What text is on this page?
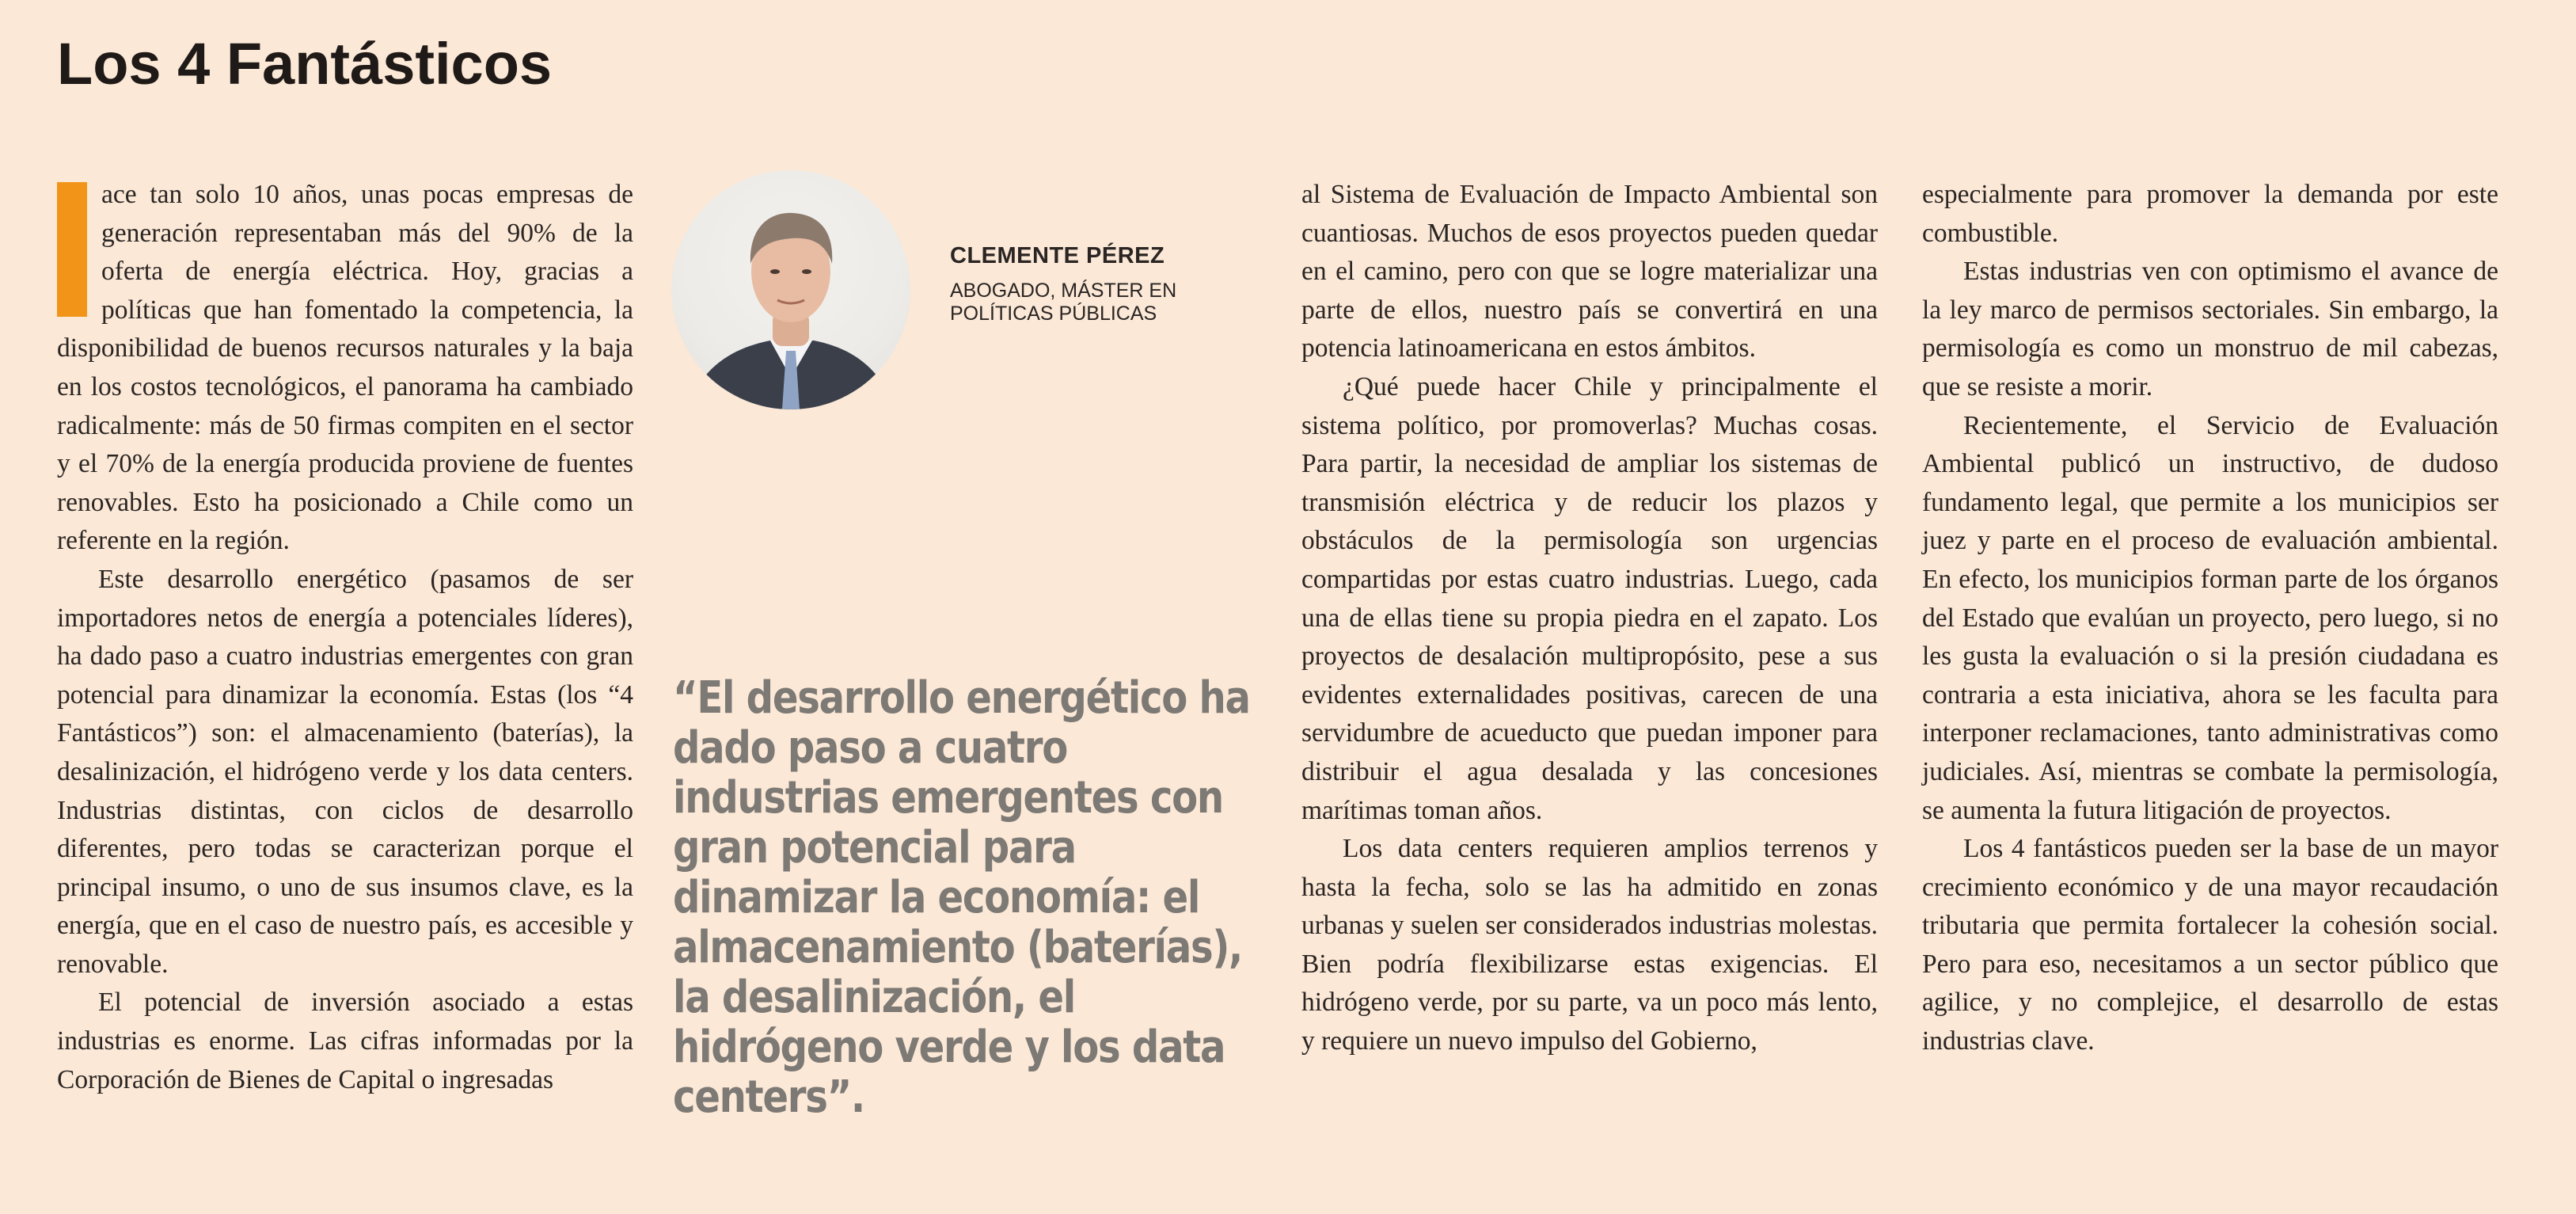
Los 4 Fantásticos

ace tan solo 10 años, unas pocas empresas de generación representaban más del 90% de la oferta de energía eléctrica. Hoy, gracias a políticas que han fomentado la competencia, la disponibilidad de buenos recursos naturales y la baja en los costos tecnológicos, el panorama ha cambiado radicalmente: más de 50 firmas compiten en el sector y el 70% de la energía producida proviene de fuentes renovables. Esto ha posicionado a Chile como un referente en la región.

Este desarrollo energético (pasamos de ser importadores netos de energía a potenciales líderes), ha dado paso a cuatro industrias emergentes con gran potencial para dinamizar la economía. Estas (los “4 Fantásticos”) son: el almacenamiento (baterías), la desalinización, el hidrógeno verde y los data centers. Industrias distintas, con ciclos de desarrollo diferentes, pero todas se caracterizan porque el principal insumo, o uno de sus insumos clave, es la energía, que en el caso de nuestro país, es accesible y renovable.

El potencial de inversión asociado a estas industrias es enorme. Las cifras informadas por la Corporación de Bienes de Capital o ingresadas

CLEMENTE PÉREZ
ABOGADO, MÁSTER EN
POLÍTICAS PÚBLICAS
“El desarrollo energético ha dado paso a cuatro industrias emergentes con gran potencial para dinamizar la economía: el almacenamiento (baterías), la desalinización, el hidrógeno verde y los data centers”.

al Sistema de Evaluación de Impacto Ambiental son cuantiosas. Muchos de esos proyectos pueden quedar en el camino, pero con que se logre materializar una parte de ellos, nuestro país se convertirá en una potencia latinoamericana en estos ámbitos.

¿Qué puede hacer Chile y principalmente el sistema político, por promoverlas? Muchas cosas. Para partir, la necesidad de ampliar los sistemas de transmisión eléctrica y de reducir los plazos y obstáculos de la permisología son urgencias compartidas por estas cuatro industrias. Luego, cada una de ellas tiene su propia piedra en el zapato. Los proyectos de desalación multipropósito, pese a sus evidentes externalidades positivas, carecen de una servidumbre de acueducto que puedan imponer para distribuir el agua desalada y las concesiones marítimas toman años.

Los data centers requieren amplios terrenos y hasta la fecha, solo se las ha admitido en zonas urbanas y suelen ser considerados industrias molestas. Bien podría flexibilizarse estas exigencias. El hidrógeno verde, por su parte, va un poco más lento, y requiere un nuevo impulso del Gobierno,

especialmente para promover la demanda por este combustible.

Estas industrias ven con optimismo el avance de la ley marco de permisos sectoriales. Sin embargo, la permisología es como un monstruo de mil cabezas, que se resiste a morir.

Recientemente, el Servicio de Evaluación Ambiental publicó un instructivo, de dudoso fundamento legal, que permite a los municipios ser juez y parte en el proceso de evaluación ambiental. En efecto, los municipios forman parte de los órganos del Estado que evalúan un proyecto, pero luego, si no les gusta la evaluación o si la presión ciudadana es contraria a esta iniciativa, ahora se les faculta para interponer reclamaciones, tanto administrativas como judiciales. Así, mientras se combate la permisología, se aumenta la futura litigación de proyectos.

Los 4 fantásticos pueden ser la base de un mayor crecimiento económico y de una mayor recaudación tributaria que permita fortalecer la cohesión social. Pero para eso, necesitamos a un sector público que agilice, y no complejice, el desarrollo de estas industrias clave.
